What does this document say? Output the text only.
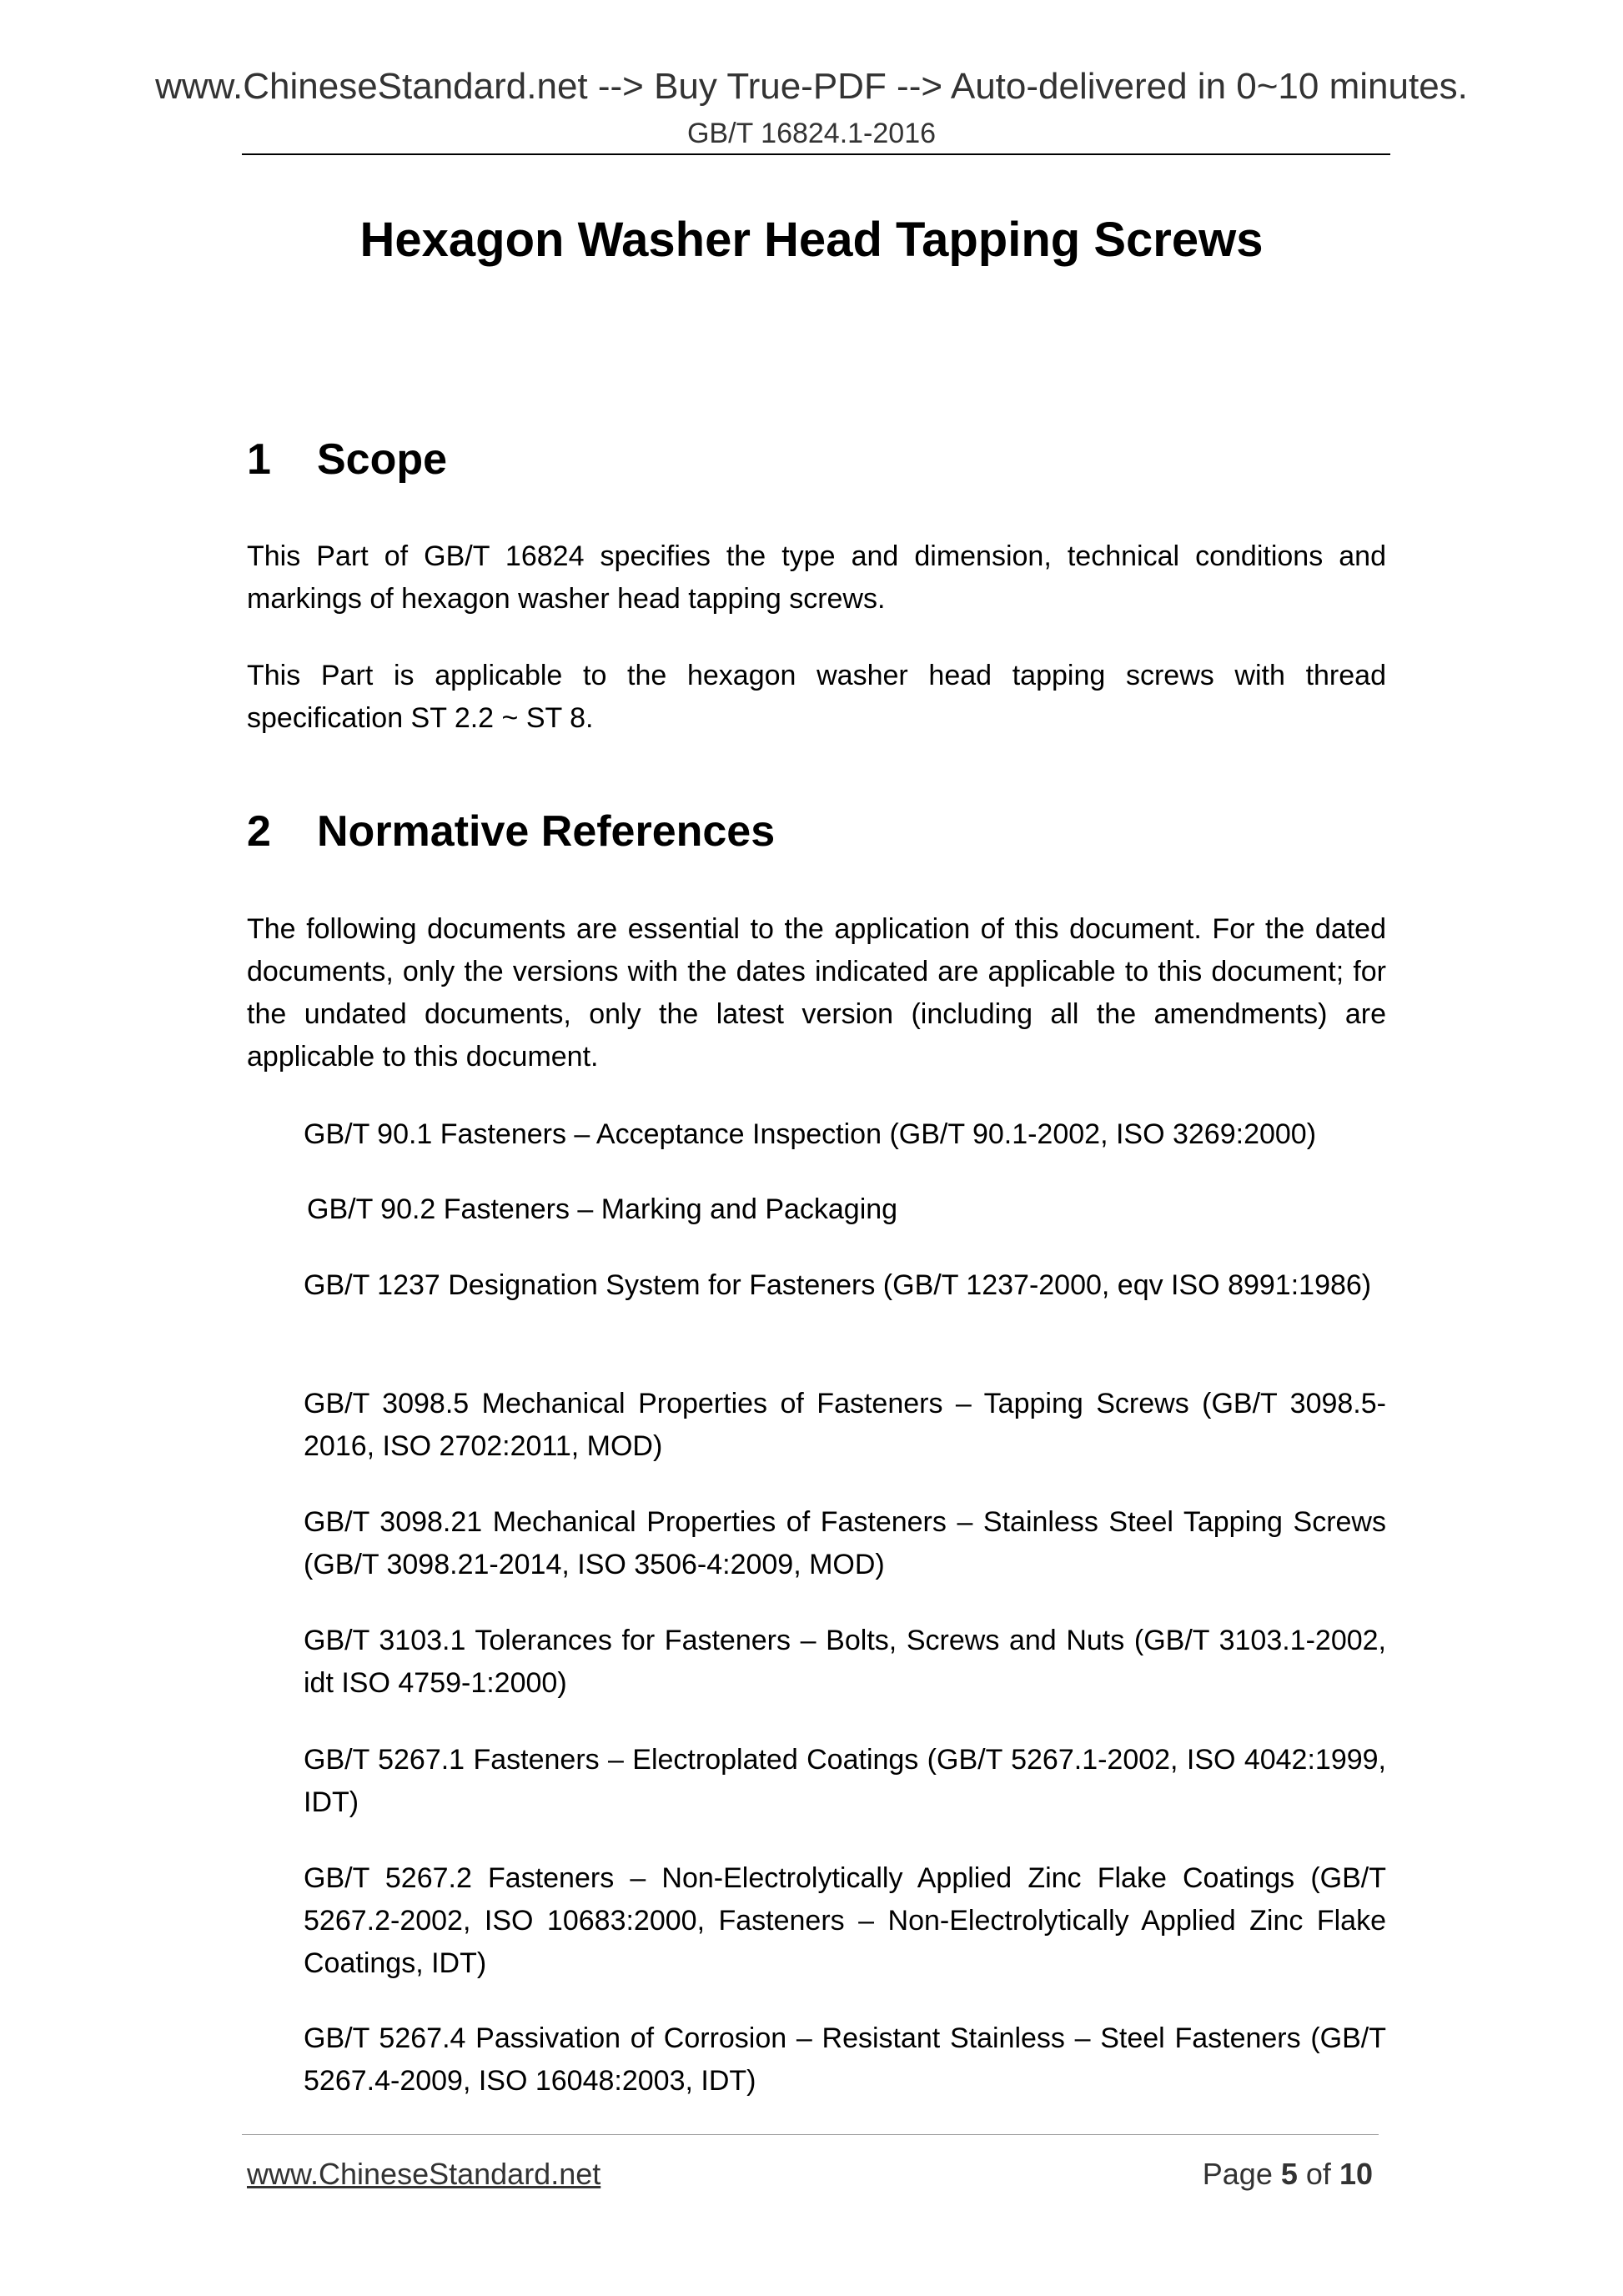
www.ChineseStandard.net --> Buy True-PDF --> Auto-delivered in 0~10 minutes.
GB/T 16824.1-2016
Hexagon Washer Head Tapping Screws
1 Scope
This Part of GB/T 16824 specifies the type and dimension, technical conditions and markings of hexagon washer head tapping screws.
This Part is applicable to the hexagon washer head tapping screws with thread specification ST 2.2 ~ ST 8.
2 Normative References
The following documents are essential to the application of this document. For the dated documents, only the versions with the dates indicated are applicable to this document; for the undated documents, only the latest version (including all the amendments) are applicable to this document.
GB/T 90.1 Fasteners – Acceptance Inspection (GB/T 90.1-2002, ISO 3269:2000)
GB/T 90.2 Fasteners – Marking and Packaging
GB/T 1237 Designation System for Fasteners (GB/T 1237-2000, eqv ISO 8991:1986)
GB/T 3098.5 Mechanical Properties of Fasteners – Tapping Screws (GB/T 3098.5-2016, ISO 2702:2011, MOD)
GB/T 3098.21 Mechanical Properties of Fasteners – Stainless Steel Tapping Screws (GB/T 3098.21-2014, ISO 3506-4:2009, MOD)
GB/T 3103.1 Tolerances for Fasteners – Bolts, Screws and Nuts (GB/T 3103.1-2002, idt ISO 4759-1:2000)
GB/T 5267.1 Fasteners – Electroplated Coatings (GB/T 5267.1-2002, ISO 4042:1999, IDT)
GB/T 5267.2 Fasteners – Non-Electrolytically Applied Zinc Flake Coatings (GB/T 5267.2-2002, ISO 10683:2000, Fasteners – Non-Electrolytically Applied Zinc Flake Coatings, IDT)
GB/T 5267.4 Passivation of Corrosion – Resistant Stainless – Steel Fasteners (GB/T 5267.4-2009, ISO 16048:2003, IDT)
www.ChineseStandard.net	Page 5 of 10
